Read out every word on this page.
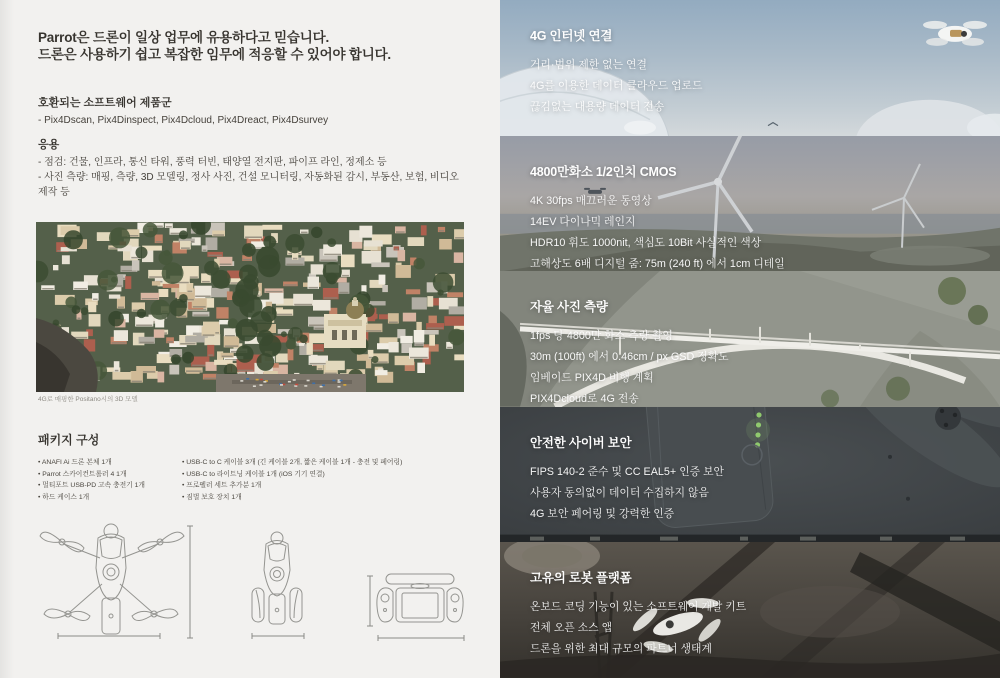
Parrot은 드론이 일상 업무에 유용하다고 믿습니다.
드론은 사용하기 쉽고 복잡한 임무에 적응할 수 있어야 합니다.
호환되는 소프트웨어 제품군

- Pix4Dscan, Pix4Dinspect, Pix4Dcloud, Pix4Dreact, Pix4Dsurvey

응용

- 점검: 건물, 인프라, 통신 타워, 풍력 터빈, 태양열 전지판, 파이프 라인, 정제소 등

- 사진 측량: 매핑, 측량, 3D 모델링, 정사 사진, 건설 모니터링, 자동화된 감시, 부동산, 보험, 비디오 제작 등

4G로 매핑한 Positano시의 3D 모델
패키지 구성

• ANAFI Ai 드론 본체 1개

• Parrot 스카이컨트롤러 4 1개

• 멀티포트 USB-PD 고속 충전기 1개

• 하드 케이스 1개

• USB-C to C 케이블 3개 (긴 케이블 2개, 짧은 케이블 1개 - 충전 및 페어링)

• USB-C to 라이트닝 케이블 1개 (iOS 기기 연결)

• 프로펠러 세트 추가분 1개

• 짐벌 보호 장치 1개

4G 인터넷 연결

거리·범위 제한 없는 연결

4G를 이용한 데이터 클라우드 업로드

끊김없는 대용량 데이터 전송

4800만화소 1/2인치 CMOS

4K 30fps 매끄러운 동영상

14EV 다이나믹 레인지

HDR10 휘도 1000nit, 색심도 10Bit 사실적인 색상

고해상도 6배 디지털 줌: 75m (240 ft) 에서 1cm 디테일

자율 사진 측량

1fps 당 4800만 화소 측량 촬영

30m (100ft) 에서 0.46cm / px GSD 정확도

임베이드 PIX4D 비행 계획

PIX4Dcloud로 4G 전송

안전한 사이버 보안

FIPS 140-2 준수 및 CC EAL5+ 인증 보안

사용자 동의없이 데이터 수집하지 않음

4G 보안 페어링 및 강력한 인증

고유의 로봇 플랫폼

온보드 코딩 기능이 있는 소프트웨어 개발 키트

전체 오픈 소스 앱

드론을 위한 최대 규모의 파트너 생태계
